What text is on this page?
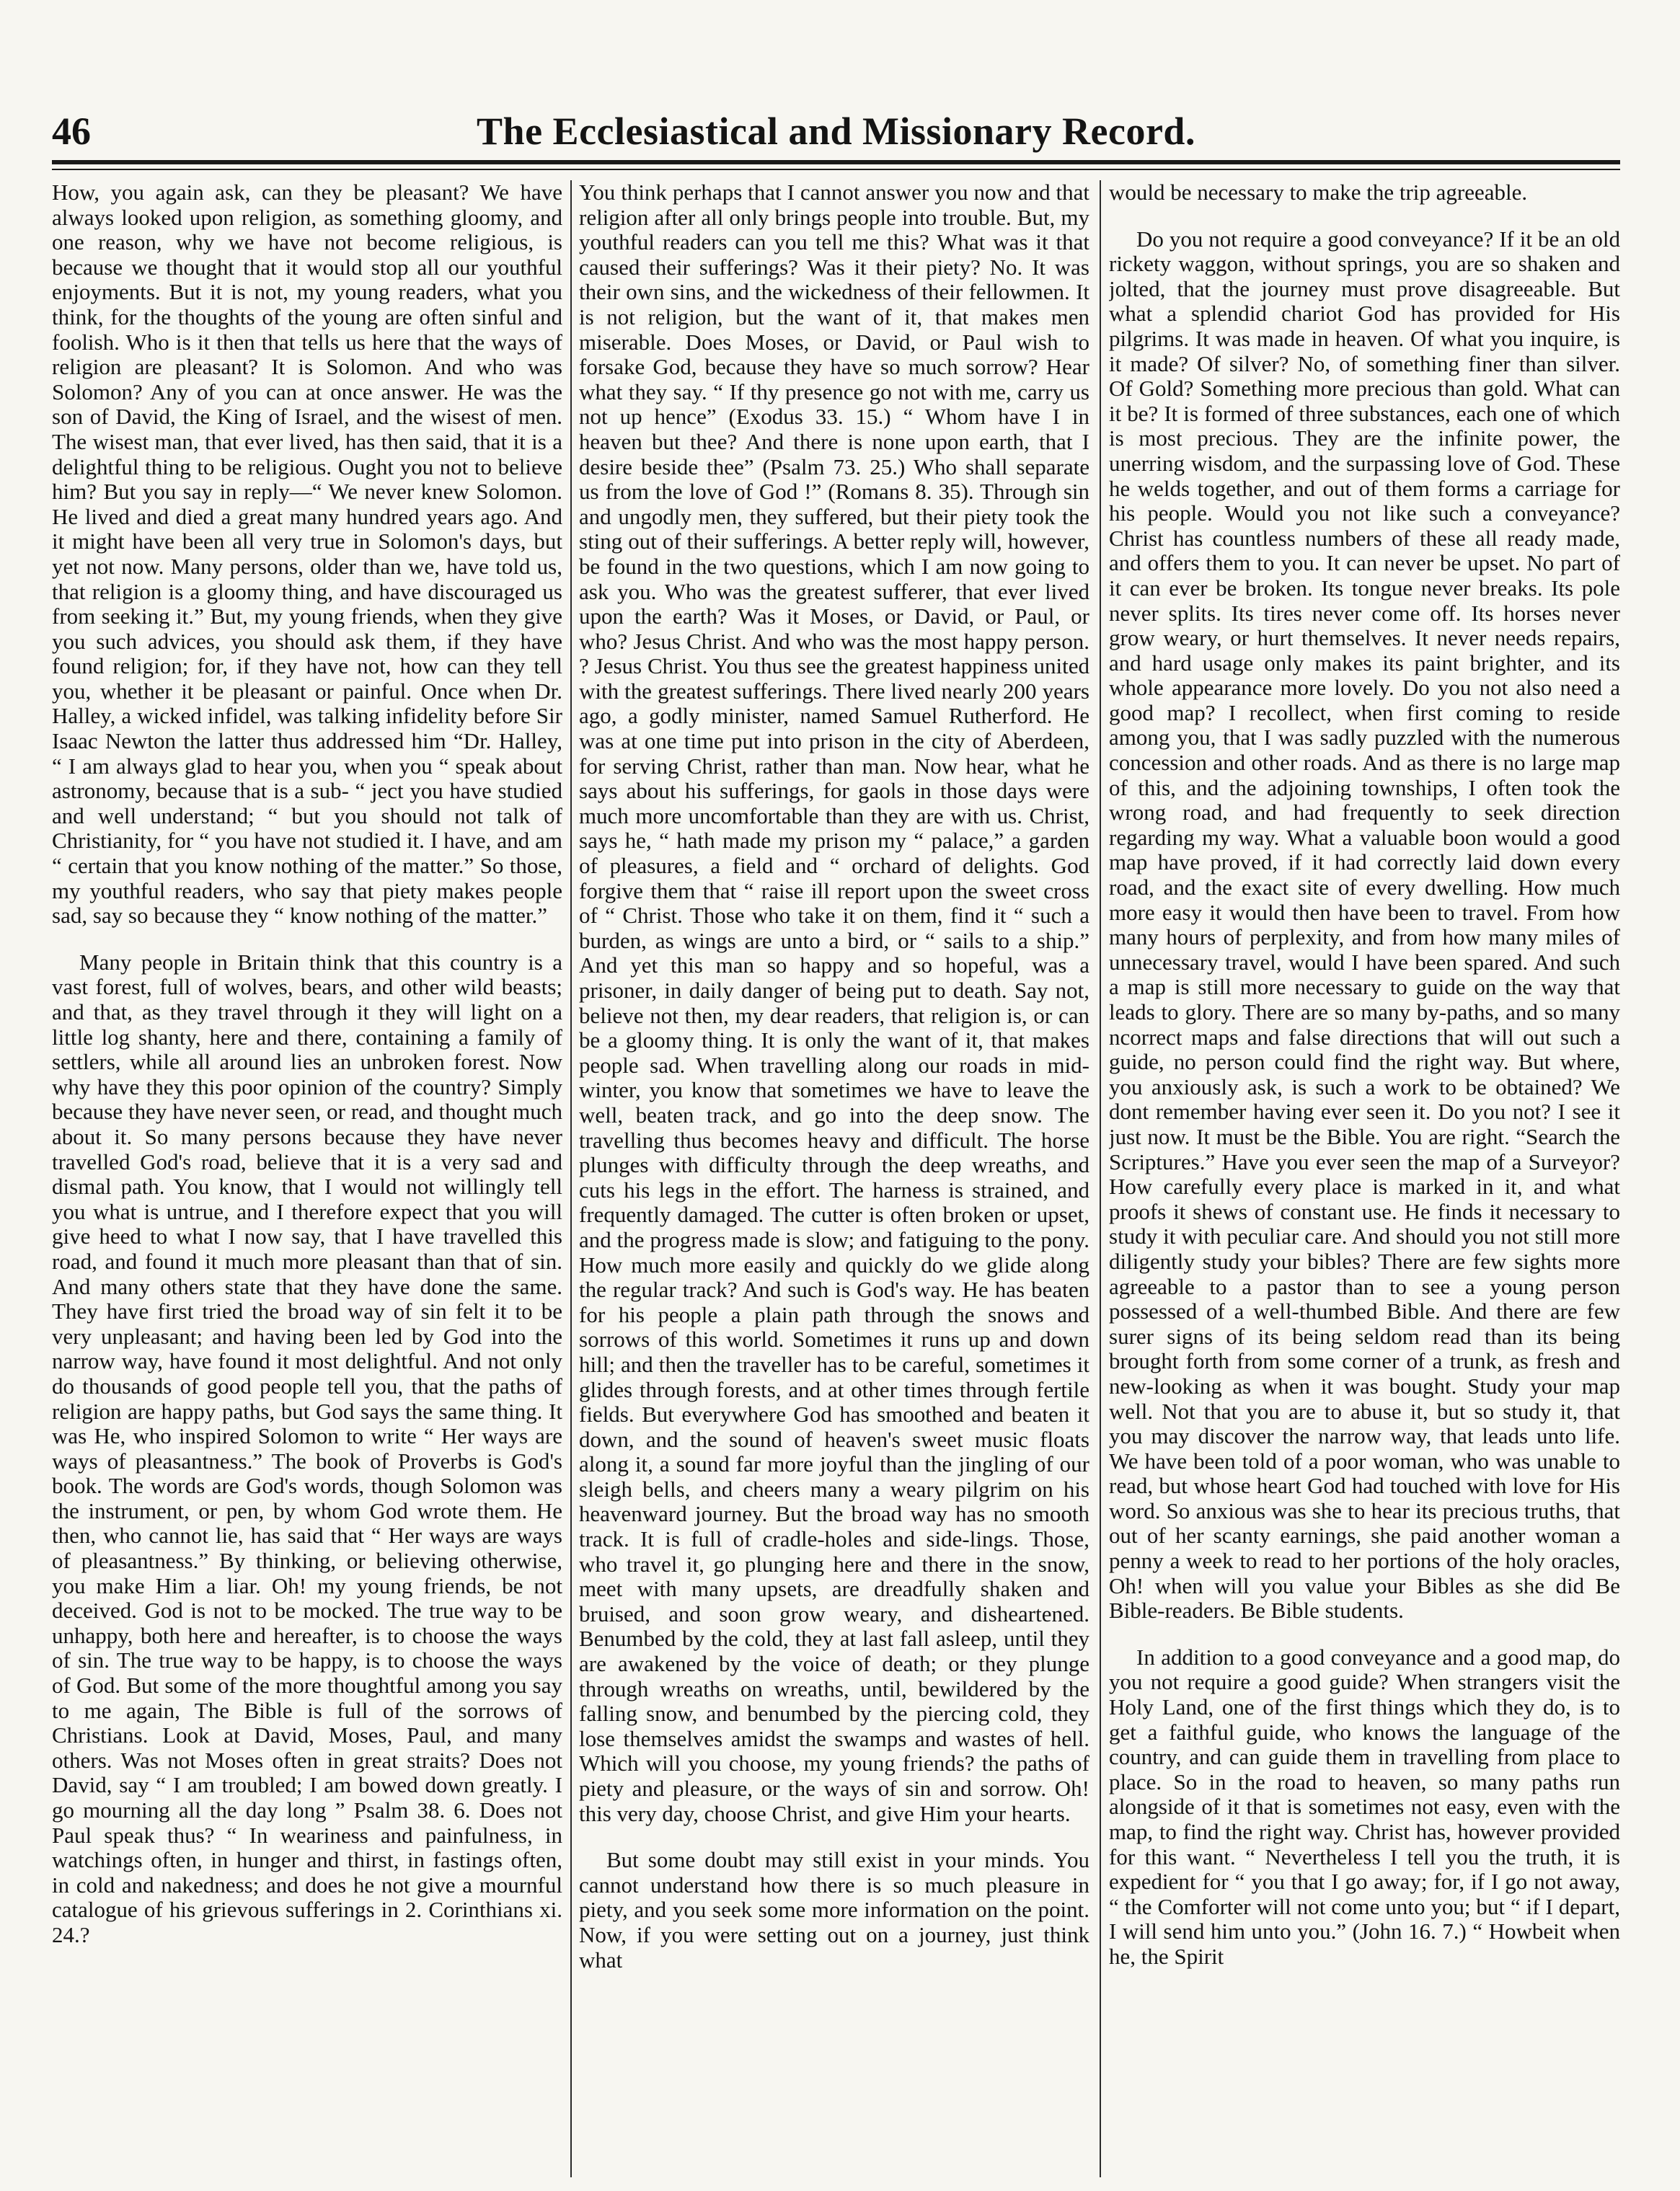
46	The Ecclesiastical and Missionary Record.

How, you again ask, can they be pleasant? We have always looked upon religion, as something gloomy, and one reason, why we have not become religious, is because we thought that it would stop all our youthful enjoyments. But it is not, my young readers, what you think, for the thoughts of the young are often sinful and foolish. Who is it then that tells us here that the ways of religion are pleasant? It is Solomon. And who was Solomon? Any of you can at once answer. He was the son of David, the King of Israel, and the wisest of men. The wisest man, that ever lived, has then said, that it is a delightful thing to be religious. Ought you not to believe him? But you say in reply—“ We never knew Solomon. He lived and died a great many hundred years ago. And it might have been all very true in Solomon's days, but yet not now. Many persons, older than we, have told us, that religion is a gloomy thing, and have discouraged us from seeking it.” But, my young friends, when they give you such advices, you should ask them, if they have found religion; for, if they have not, how can they tell you, whether it be pleasant or painful. Once when Dr. Halley, a wicked infidel, was talking infidelity before Sir Isaac Newton the latter thus addressed him “Dr. Halley, “ I am always glad to hear you, when you “ speak about astronomy, because that is a sub- “ ject you have studied and well understand; “ but you should not talk of Christianity, for “ you have not studied it. I have, and am “ certain that you know nothing of the matter.” So those, my youthful readers, who say that piety makes people sad, say so because they “ know nothing of the matter.”

Many people in Britain think that this country is a vast forest, full of wolves, bears, and other wild beasts; and that, as they travel through it they will light on a little log shanty, here and there, containing a family of settlers, while all around lies an unbroken forest. Now why have they this poor opinion of the country? Simply because they have never seen, or read, and thought much about it. So many persons because they have never travelled God's road, believe that it is a very sad and dismal path. You know, that I would not willingly tell you what is untrue, and I therefore expect that you will give heed to what I now say, that I have travelled this road, and found it much more pleasant than that of sin. And many others state that they have done the same. They have first tried the broad way of sin felt it to be very unpleasant; and having been led by God into the narrow way, have found it most delightful. And not only do thousands of good people tell you, that the paths of religion are happy paths, but God says the same thing. It was He, who inspired Solomon to write “ Her ways are ways of pleasantness.” The book of Proverbs is God's book. The words are God's words, though Solomon was the instrument, or pen, by whom God wrote them. He then, who cannot lie, has said that “ Her ways are ways of pleasantness.” By thinking, or believing otherwise, you make Him a liar. Oh! my young friends, be not deceived. God is not to be mocked. The true way to be unhappy, both here and hereafter, is to choose the ways of sin. The true way to be happy, is to choose the ways of God. But some of the more thoughtful among you say to me again, The Bible is full of the sorrows of Christians. Look at David, Moses, Paul, and many others. Was not Moses often in great straits? Does not David, say “ I am troubled; I am bowed down greatly. I go mourning all the day long ” Psalm 38. 6. Does not Paul speak thus? “ In weariness and painfulness, in watchings often, in hunger and thirst, in fastings often, in cold and nakedness; and does he not give a mournful catalogue of his grievous sufferings in 2. Corinthians xi. 24.?

You think perhaps that I cannot answer you now and that religion after all only brings people into trouble. But, my youthful readers can you tell me this? What was it that caused their sufferings? Was it their piety? No. It was their own sins, and the wickedness of their fellowmen. It is not religion, but the want of it, that makes men miserable. Does Moses, or David, or Paul wish to forsake God, because they have so much sorrow? Hear what they say. “ If thy presence go not with me, carry us not up hence” (Exodus 33. 15.) “ Whom have I in heaven but thee? And there is none upon earth, that I desire beside thee” (Psalm 73. 25.) Who shall separate us from the love of God !” (Romans 8. 35). Through sin and ungodly men, they suffered, but their piety took the sting out of their sufferings. A better reply will, however, be found in the two questions, which I am now going to ask you. Who was the greatest sufferer, that ever lived upon the earth? Was it Moses, or David, or Paul, or who? Jesus Christ. And who was the most happy person. ? Jesus Christ. You thus see the greatest happiness united with the greatest sufferings. There lived nearly 200 years ago, a godly minister, named Samuel Rutherford. He was at one time put into prison in the city of Aberdeen, for serving Christ, rather than man. Now hear, what he says about his sufferings, for gaols in those days were much more uncomfortable than they are with us. Christ, says he, “ hath made my prison my “ palace,” a garden of pleasures, a field and “ orchard of delights. God forgive them that “ raise ill report upon the sweet cross of “ Christ. Those who take it on them, find it “ such a burden, as wings are unto a bird, or “ sails to a ship.” And yet this man so happy and so hopeful, was a prisoner, in daily danger of being put to death. Say not, believe not then, my dear readers, that religion is, or can be a gloomy thing. It is only the want of it, that makes people sad. When travelling along our roads in mid-winter, you know that sometimes we have to leave the well, beaten track, and go into the deep snow. The travelling thus becomes heavy and difficult. The horse plunges with difficulty through the deep wreaths, and cuts his legs in the effort. The harness is strained, and frequently damaged. The cutter is often broken or upset, and the progress made is slow; and fatiguing to the pony. How much more easily and quickly do we glide along the regular track? And such is God's way. He has beaten for his people a plain path through the snows and sorrows of this world. Sometimes it runs up and down hill; and then the traveller has to be careful, sometimes it glides through forests, and at other times through fertile fields. But everywhere God has smoothed and beaten it down, and the sound of heaven's sweet music floats along it, a sound far more joyful than the jingling of our sleigh bells, and cheers many a weary pilgrim on his heavenward journey. But the broad way has no smooth track. It is full of cradle-holes and side-lings. Those, who travel it, go plunging here and there in the snow, meet with many upsets, are dreadfully shaken and bruised, and soon grow weary, and disheartened. Benumbed by the cold, they at last fall asleep, until they are awakened by the voice of death; or they plunge through wreaths on wreaths, until, bewildered by the falling snow, and benumbed by the piercing cold, they lose themselves amidst the swamps and wastes of hell. Which will you choose, my young friends? the paths of piety and pleasure, or the ways of sin and sorrow. Oh! this very day, choose Christ, and give Him your hearts.

But some doubt may still exist in your minds. You cannot understand how there is so much pleasure in piety, and you seek some more information on the point. Now, if you were setting out on a journey, just think what

would be necessary to make the trip agreeable.

Do you not require a good conveyance? If it be an old rickety waggon, without springs, you are so shaken and jolted, that the journey must prove disagreeable. But what a splendid chariot God has provided for His pilgrims. It was made in heaven. Of what you inquire, is it made? Of silver? No, of something finer than silver. Of Gold? Something more precious than gold. What can it be? It is formed of three substances, each one of which is most precious. They are the infinite power, the unerring wisdom, and the surpassing love of God. These he welds together, and out of them forms a carriage for his people. Would you not like such a conveyance? Christ has countless numbers of these all ready made, and offers them to you. It can never be upset. No part of it can ever be broken. Its tongue never breaks. Its pole never splits. Its tires never come off. Its horses never grow weary, or hurt themselves. It never needs repairs, and hard usage only makes its paint brighter, and its whole appearance more lovely. Do you not also need a good map? I recollect, when first coming to reside among you, that I was sadly puzzled with the numerous concession and other roads. And as there is no large map of this, and the adjoining townships, I often took the wrong road, and had frequently to seek direction regarding my way. What a valuable boon would a good map have proved, if it had correctly laid down every road, and the exact site of every dwelling. How much more easy it would then have been to travel. From how many hours of perplexity, and from how many miles of unnecessary travel, would I have been spared. And such a map is still more necessary to guide on the way that leads to glory. There are so many by-paths, and so many ncorrect maps and false directions that will out such a guide, no person could find the right way. But where, you anxiously ask, is such a work to be obtained? We dont remember having ever seen it. Do you not? I see it just now. It must be the Bible. You are right. “Search the Scriptures.” Have you ever seen the map of a Surveyor? How carefully every place is marked in it, and what proofs it shews of constant use. He finds it necessary to study it with peculiar care. And should you not still more diligently study your bibles? There are few sights more agreeable to a pastor than to see a young person possessed of a well-thumbed Bible. And there are few surer signs of its being seldom read than its being brought forth from some corner of a trunk, as fresh and new-looking as when it was bought. Study your map well. Not that you are to abuse it, but so study it, that you may discover the narrow way, that leads unto life. We have been told of a poor woman, who was unable to read, but whose heart God had touched with love for His word. So anxious was she to hear its precious truths, that out of her scanty earnings, she paid another woman a penny a week to read to her portions of the holy oracles, Oh! when will you value your Bibles as she did Be Bible-readers. Be Bible students.

In addition to a good conveyance and a good map, do you not require a good guide? When strangers visit the Holy Land, one of the first things which they do, is to get a faithful guide, who knows the language of the country, and can guide them in travelling from place to place. So in the road to heaven, so many paths run alongside of it that is sometimes not easy, even with the map, to find the right way. Christ has, however provided for this want. “ Nevertheless I tell you the truth, it is expedient for “ you that I go away; for, if I go not away, “ the Comforter will not come unto you; but “ if I depart, I will send him unto you.” (John 16. 7.) “ Howbeit when he, the Spirit
